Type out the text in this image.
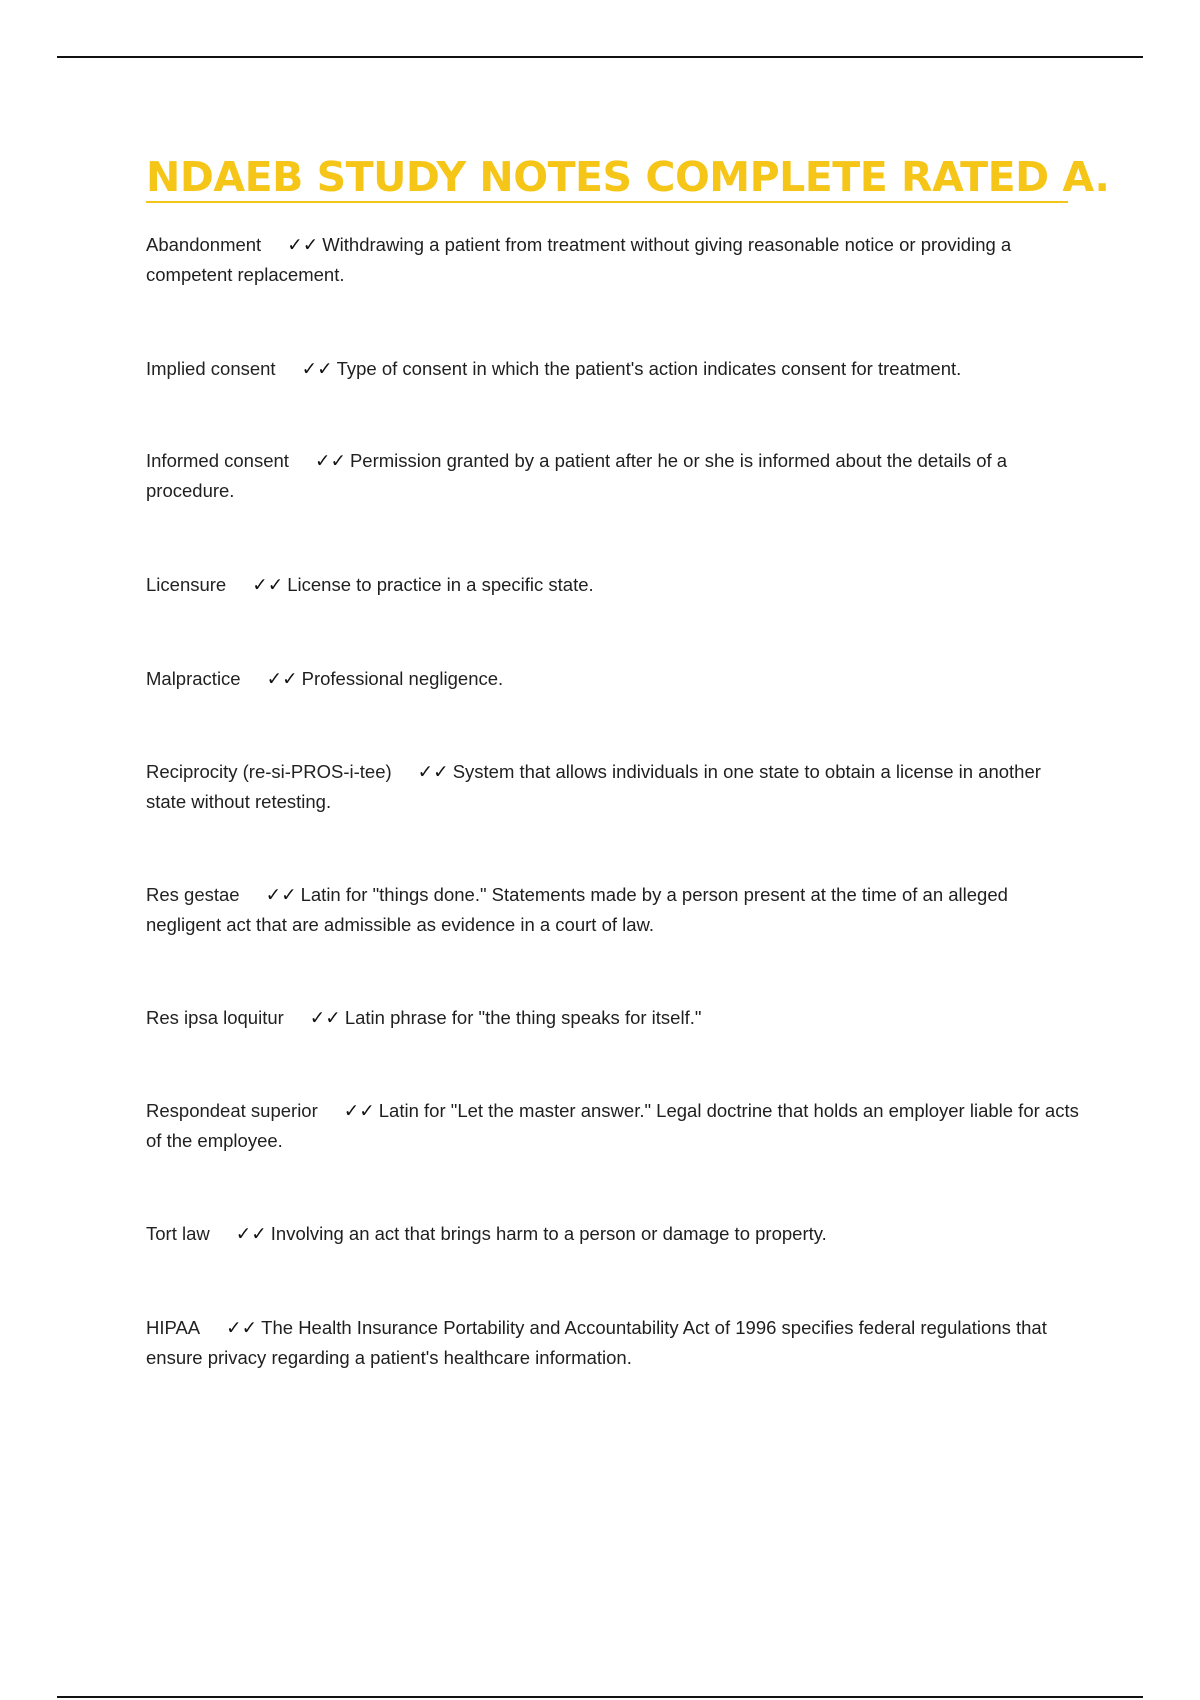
NDAEB STUDY NOTES COMPLETE RATED A.
Abandonment ✓✓ Withdrawing a patient from treatment without giving reasonable notice or providing a competent replacement.
Implied consent ✓✓ Type of consent in which the patient's action indicates consent for treatment.
Informed consent ✓✓ Permission granted by a patient after he or she is informed about the details of a procedure.
Licensure ✓✓ License to practice in a specific state.
Malpractice ✓✓ Professional negligence.
Reciprocity (re-si-PROS-i-tee) ✓✓ System that allows individuals in one state to obtain a license in another state without retesting.
Res gestae ✓✓ Latin for "things done." Statements made by a person present at the time of an alleged negligent act that are admissible as evidence in a court of law.
Res ipsa loquitur ✓✓ Latin phrase for "the thing speaks for itself."
Respondeat superior ✓✓ Latin for "Let the master answer." Legal doctrine that holds an employer liable for acts of the employee.
Tort law ✓✓ Involving an act that brings harm to a person or damage to property.
HIPAA ✓✓ The Health Insurance Portability and Accountability Act of 1996 specifies federal regulations that ensure privacy regarding a patient's healthcare information.
